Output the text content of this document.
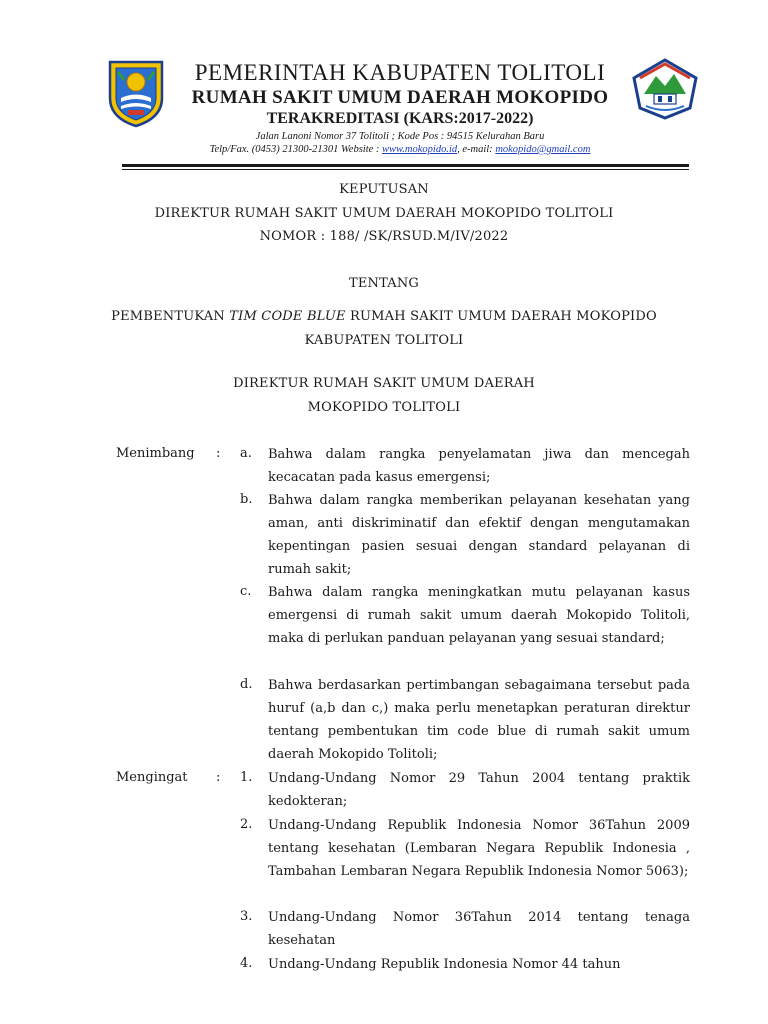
PEMERINTAH KABUPATEN TOLITOLI
RUMAH SAKIT UMUM DAERAH MOKOPIDO
TERAKREDITASI (KARS:2017-2022)
Jalan Lanoni Nomor 37 Tolitoli ; Kode Pos : 94515 Kelurahan Baru
Telp/Fax. (0453) 21300-21301 Website : www.mokopido.id, e-mail: mokopido@gmail.com
KEPUTUSAN
DIREKTUR RUMAH SAKIT UMUM DAERAH MOKOPIDO TOLITOLI
NOMOR : 188/ /SK/RSUD.M/IV/2022
TENTANG
PEMBENTUKAN TIM CODE BLUE RUMAH SAKIT UMUM DAERAH MOKOPIDO
KABUPATEN TOLITOLI
DIREKTUR RUMAH SAKIT UMUM DAERAH
MOKOPIDO TOLITOLI
Menimbang : a. Bahwa dalam rangka penyelamatan jiwa dan mencegah kecacatan pada kasus emergensi;
b. Bahwa dalam rangka memberikan pelayanan kesehatan yang aman, anti diskriminatif dan efektif dengan mengutamakan kepentingan pasien sesuai dengan standard pelayanan di rumah sakit;
c. Bahwa dalam rangka meningkatkan mutu pelayanan kasus emergensi di rumah sakit umum daerah Mokopido Tolitoli, maka di perlukan panduan pelayanan yang sesuai standard;
d. Bahwa berdasarkan pertimbangan sebagaimana tersebut pada huruf (a,b dan c,) maka perlu menetapkan peraturan direktur tentang pembentukan tim code blue di rumah sakit umum daerah Mokopido Tolitoli;
Mengingat : 1. Undang-Undang Nomor 29 Tahun 2004 tentang praktik kedokteran;
2. Undang-Undang Republik Indonesia Nomor 36Tahun 2009 tentang kesehatan (Lembaran Negara Republik Indonesia , Tambahan Lembaran Negara Republik Indonesia Nomor 5063);
3. Undang-Undang Nomor 36Tahun 2014 tentang tenaga kesehatan
4. Undang-Undang Republik Indonesia Nomor 44 tahun
